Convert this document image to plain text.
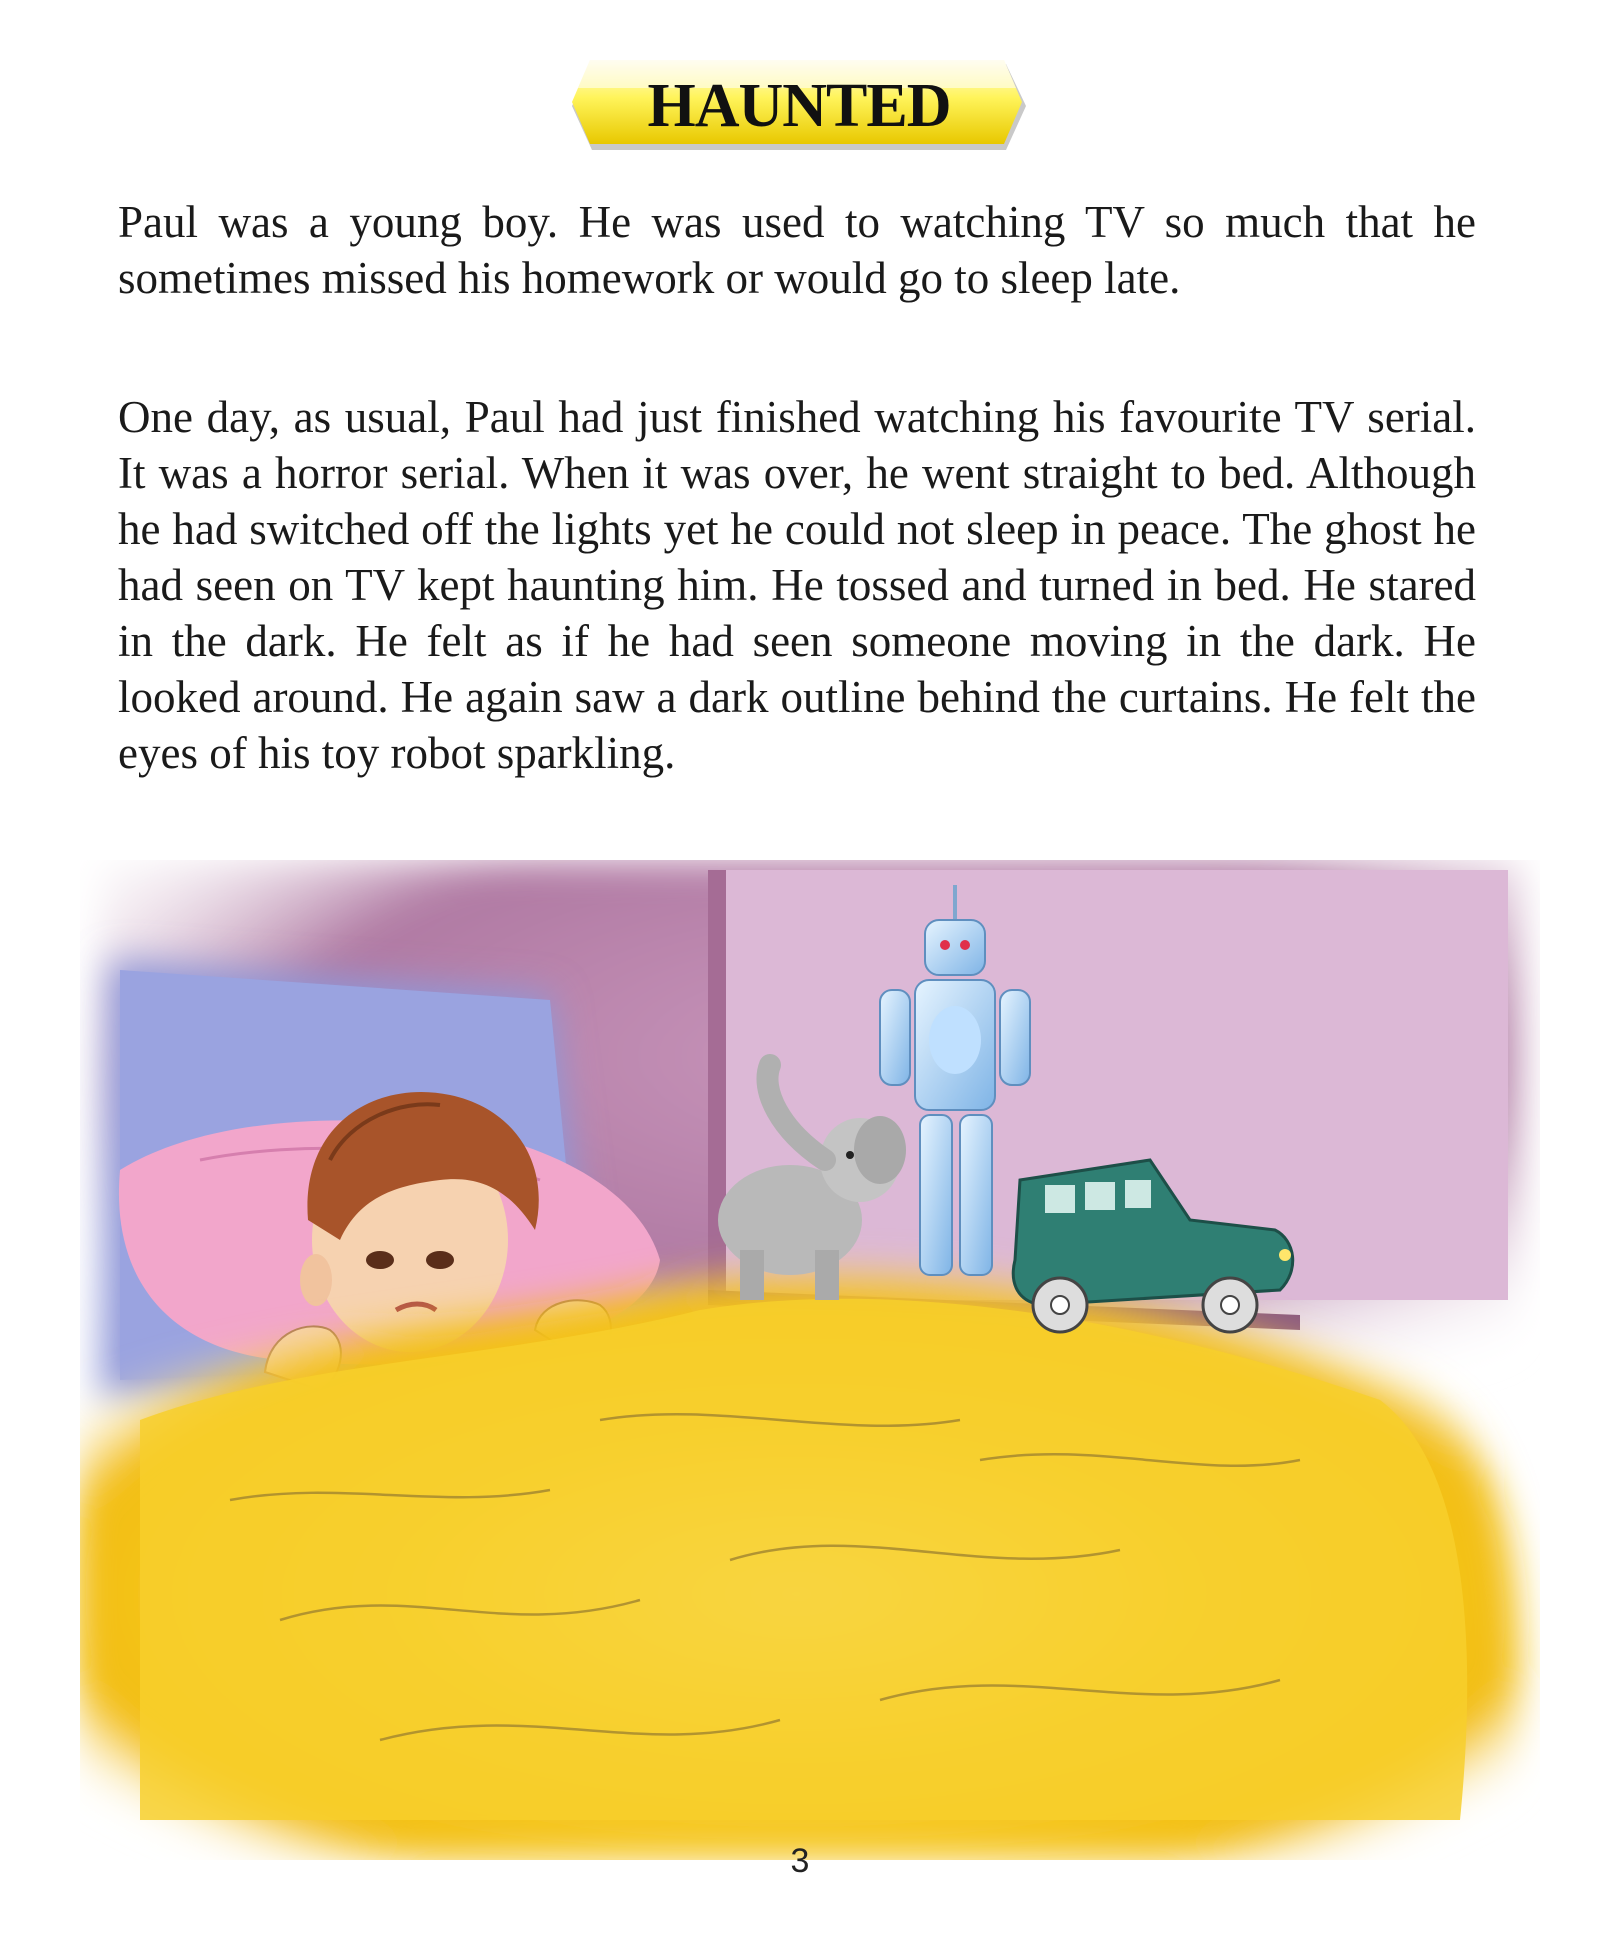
HAUNTED

Paul was a young boy. He was used to watching TV so much that he sometimes missed his homework or would go to sleep late.

One day, as usual, Paul had just finished watching his favourite TV serial. It was a horror serial. When it was over, he went straight to bed. Although he had switched off the lights yet he could not sleep in peace. The ghost he had seen on TV kept haunting him. He tossed and turned in bed. He stared in the dark. He felt as if he had seen someone moving in the dark. He looked around. He again saw a dark outline behind the curtains. He felt the eyes of his toy robot sparkling.

3
